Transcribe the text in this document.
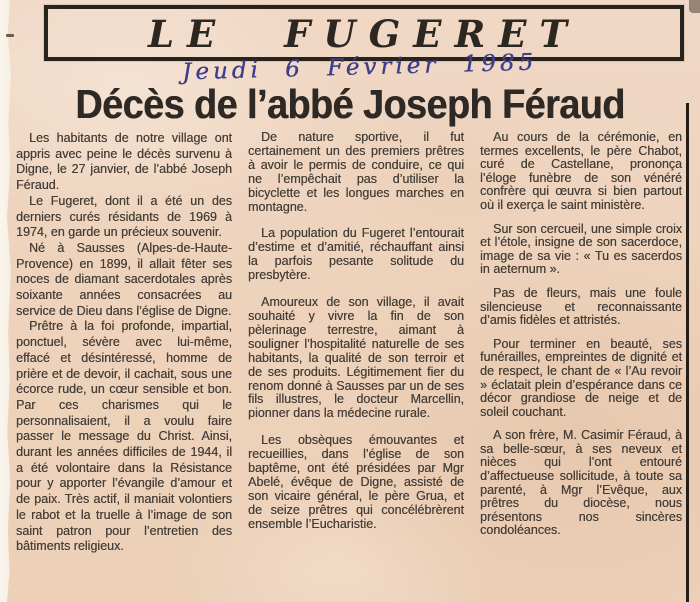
LE FUGERET
Jeudi 6 Février 1985
Décès de l’abbé Joseph Féraud

Les habitants de notre village ont appris avec peine le décès survenu à Digne, le 27 janvier, de l’abbé Joseph Féraud.

Le Fugeret, dont il a été un des derniers curés résidants de 1969 à 1974, en garde un précieux souvenir.

Né à Sausses (Alpes-de-Haute-Provence) en 1899, il allait fêter ses noces de diamant sacerdotales après soixante années consacrées au service de Dieu dans l’église de Digne.

Prêtre à la foi profonde, impartial, ponctuel, sévère avec lui-même, effacé et désintéressé, homme de prière et de devoir, il cachait, sous une écorce rude, un cœur sensible et bon. Par ces charismes qui le personnalisaient, il a voulu faire passer le message du Christ. Ainsi, durant les années difficiles de 1944, il a été volontaire dans la Résistance pour y apporter l’évangile d’amour et de paix. Très actif, il maniait volontiers le rabot et la truelle à l’image de son saint patron pour l’entretien des bâtiments religieux.

De nature sportive, il fut certainement un des premiers prêtres à avoir le permis de conduire, ce qui ne l’empêchait pas d’utiliser la bicyclette et les longues marches en montagne.

La population du Fugeret l’entourait d’estime et d’amitié, réchauffant ainsi la parfois pesante solitude du presbytère.

Amoureux de son village, il avait souhaité y vivre la fin de son pèlerinage terrestre, aimant à souligner l’hospitalité naturelle de ses habitants, la qualité de son terroir et de ses produits. Légitimement fier du renom donné à Sausses par un de ses fils illustres, le docteur Marcellin, pionner dans la médecine rurale.

Les obsèques émouvantes et recueillies, dans l’église de son baptême, ont été présidées par Mgr Abelé, évêque de Digne, assisté de son vicaire général, le père Grua, et de seize prêtres qui concélébrèrent ensemble l’Eucharistie.

Au cours de la cérémonie, en termes excellents, le père Chabot, curé de Castellane, prononça l’éloge funèbre de son vénéré confrère qui œuvra si bien partout où il exerça le saint ministère.

Sur son cercueil, une simple croix et l’étole, insigne de son sacerdoce, image de sa vie : « Tu es sacerdos in aeternum ».

Pas de fleurs, mais une foule silencieuse et reconnaissante d’amis fidèles et attristés.

Pour terminer en beauté, ses funérailles, empreintes de dignité et de respect, le chant de « l’Au revoir » éclatait plein d’espérance dans ce décor grandiose de neige et de soleil couchant.

A son frère, M. Casimir Féraud, à sa belle-sœur, à ses neveux et nièces qui l’ont entouré d’affectueuse sollicitude, à toute sa parenté, à Mgr l’Evêque, aux prêtres du diocèse, nous présentons nos sincères condoléances.
